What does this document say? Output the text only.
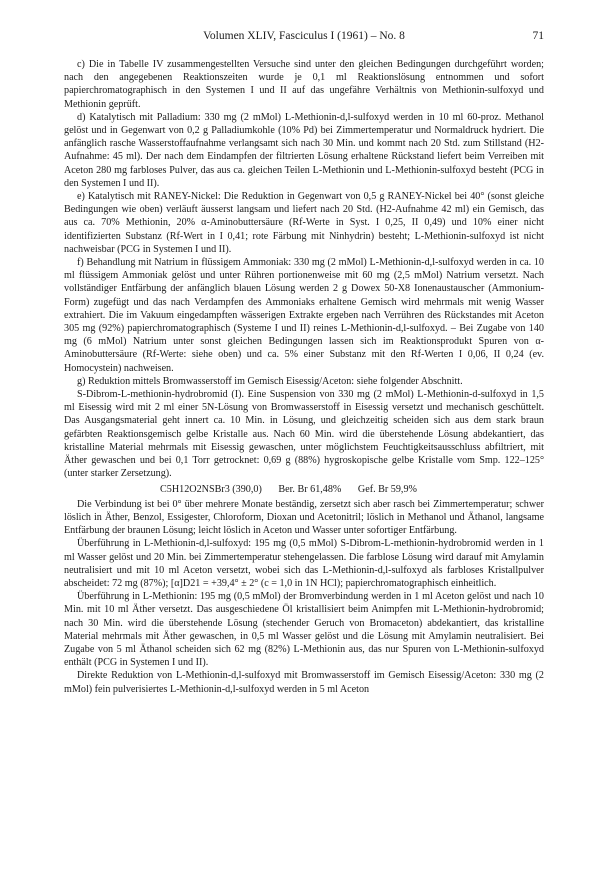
Volumen XLIV, Fasciculus I (1961) – No. 8	71

c) Die in Tabelle IV zusammengestellten Versuche sind unter den gleichen Bedingungen durchgeführt worden; nach den angegebenen Reaktionszeiten wurde je 0,1 ml Reaktionslösung entnommen und sofort papierchromatographisch in den Systemen I und II auf das ungefähre Verhältnis von Methionin-sulfoxyd und Methionin geprüft.

d) Katalytisch mit Palladium: 330 mg (2 mMol) L-Methionin-d,l-sulfoxyd werden in 10 ml 60-proz. Methanol gelöst und in Gegenwart von 0,2 g Palladiumkohle (10% Pd) bei Zimmertemperatur und Normaldruck hydriert. Die anfänglich rasche Wasserstoffaufnahme verlangsamt sich nach 30 Min. und kommt nach 20 Std. zum Stillstand (H2-Aufnahme: 45 ml). Der nach dem Eindampfen der filtrierten Lösung erhaltene Rückstand liefert beim Verreiben mit Aceton 280 mg farbloses Pulver, das aus ca. gleichen Teilen L-Methionin und L-Methionin-sulfoxyd besteht (PCG in den Systemen I und II).

e) Katalytisch mit RANEY-Nickel: Die Reduktion in Gegenwart von 0,5 g RANEY-Nickel bei 40° (sonst gleiche Bedingungen wie oben) verläuft äusserst langsam und liefert nach 20 Std. (H2-Aufnahme 42 ml) ein Gemisch, das aus ca. 70% Methionin, 20% α-Aminobuttersäure (Rf-Werte in Syst. I 0,25, II 0,49) und 10% einer nicht identifizierten Substanz (Rf-Wert in I 0,41; rote Färbung mit Ninhydrin) besteht; L-Methionin-sulfoxyd ist nicht nachweisbar (PCG in Systemen I und II).

f) Behandlung mit Natrium in flüssigem Ammoniak: 330 mg (2 mMol) L-Methionin-d,l-sulfoxyd werden in ca. 10 ml flüssigem Ammoniak gelöst und unter Rühren portionenweise mit 60 mg (2,5 mMol) Natrium versetzt. Nach vollständiger Entfärbung der anfänglich blauen Lösung werden 2 g Dowex 50-X8 Ionenaustauscher (Ammonium-Form) zugefügt und das nach Verdampfen des Ammoniaks erhaltene Gemisch wird mehrmals mit wenig Wasser extrahiert. Die im Vakuum eingedampften wässerigen Extrakte ergeben nach Verrühren des Rückstandes mit Aceton 305 mg (92%) papierchromatographisch (Systeme I und II) reines L-Methionin-d,l-sulfoxyd. – Bei Zugabe von 140 mg (6 mMol) Natrium unter sonst gleichen Bedingungen lassen sich im Reaktionsprodukt Spuren von α-Aminobuttersäure (Rf-Werte: siehe oben) und ca. 5% einer Substanz mit den Rf-Werten I 0,06, II 0,24 (ev. Homocystein) nachweisen.

g) Reduktion mittels Bromwasserstoff im Gemisch Eisessig/Aceton: siehe folgender Abschnitt.

S-Dibrom-L-methionin-hydrobromid (I). Eine Suspension von 330 mg (2 mMol) L-Methionin-d-sulfoxyd in 1,5 ml Eisessig wird mit 2 ml einer 5N-Lösung von Bromwasserstoff in Eisessig versetzt und mechanisch geschüttelt. Das Ausgangsmaterial geht innert ca. 10 Min. in Lösung, und gleichzeitig scheiden sich aus dem stark braun gefärbten Reaktionsgemisch gelbe Kristalle aus. Nach 60 Min. wird die überstehende Lösung abdekantiert, das kristalline Material mehrmals mit Eisessig gewaschen, unter möglichstem Feuchtigkeitsausschluss abfiltriert, mit Äther gewaschen und bei 0,1 Torr getrocknet: 0,69 g (88%) hygroskopische gelbe Kristalle vom Smp. 122–125° (unter starker Zersetzung).

C5H12O2NSBr3 (390,0) Ber. Br 61,48% Gef. Br 59,9%

Die Verbindung ist bei 0° über mehrere Monate beständig, zersetzt sich aber rasch bei Zimmertemperatur; schwer löslich in Äther, Benzol, Essigester, Chloroform, Dioxan und Acetonitril; löslich in Methanol und Äthanol, langsame Entfärbung der braunen Lösung; leicht löslich in Aceton und Wasser unter sofortiger Entfärbung.

Überführung in L-Methionin-d,l-sulfoxyd: 195 mg (0,5 mMol) S-Dibrom-L-methionin-hydrobromid werden in 1 ml Wasser gelöst und 20 Min. bei Zimmertemperatur stehengelassen. Die farblose Lösung wird darauf mit Amylamin neutralisiert und mit 10 ml Aceton versetzt, wobei sich das L-Methionin-d,l-sulfoxyd als farbloses Kristallpulver abscheidet: 72 mg (87%); [α]D21 = +39,4° ± 2° (c = 1,0 in 1N HCl); papierchromatographisch einheitlich.

Überführung in L-Methionin: 195 mg (0,5 mMol) der Bromverbindung werden in 1 ml Aceton gelöst und nach 10 Min. mit 10 ml Äther versetzt. Das ausgeschiedene Öl kristallisiert beim Animpfen mit L-Methionin-hydrobromid; nach 30 Min. wird die überstehende Lösung (stechender Geruch von Bromaceton) abdekantiert, das kristalline Material mehrmals mit Äther gewaschen, in 0,5 ml Wasser gelöst und die Lösung mit Amylamin neutralisiert. Bei Zugabe von 5 ml Äthanol scheiden sich 62 mg (82%) L-Methionin aus, das nur Spuren von L-Methionin-sulfoxyd enthält (PCG in Systemen I und II).

Direkte Reduktion von L-Methionin-d,l-sulfoxyd mit Bromwasserstoff im Gemisch Eisessig/Aceton: 330 mg (2 mMol) fein pulverisiertes L-Methionin-d,l-sulfoxyd werden in 5 ml Aceton
